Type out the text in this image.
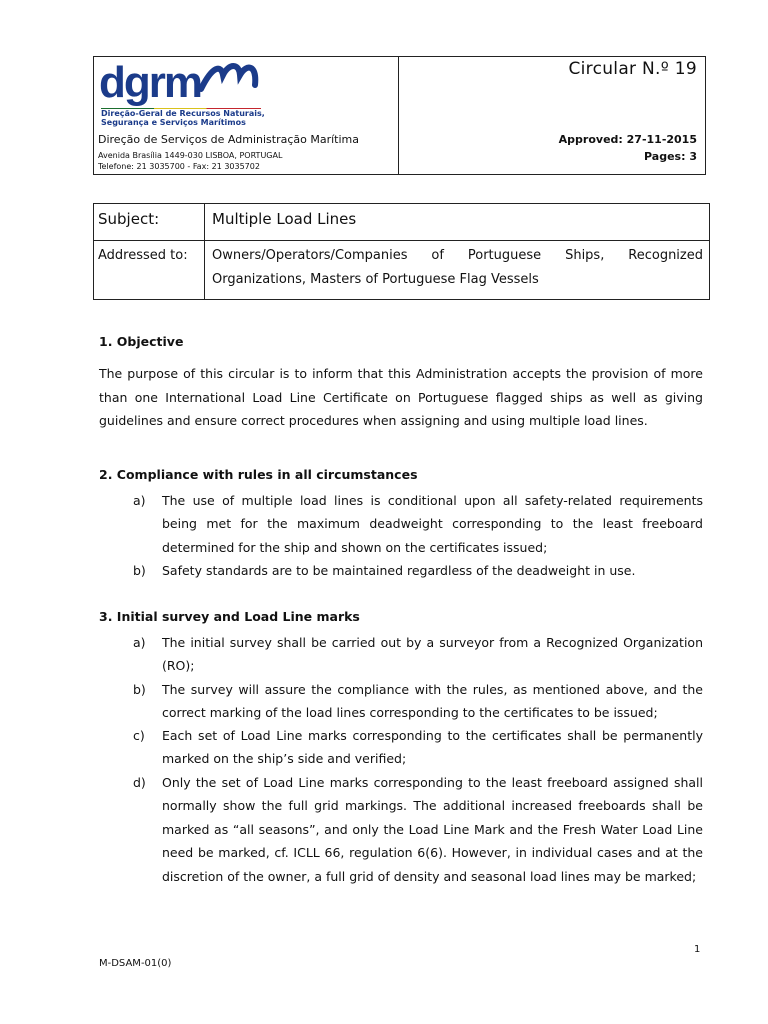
dgrm
Direção-Geral de Recursos Naturais,
Segurança e Serviços Marítimos
Direção de Serviços de Administração Marítima
Avenida Brasília 1449-030 LISBOA, PORTUGAL
Telefone: 21 3035700 - Fax: 21 3035702
Circular N.º 19
Approved: 27-11-2015
Pages: 3
Subject:	Multiple Load Lines
Addressed to: Owners/Operators/Companies of Portuguese Ships, Recognized Organizations, Masters of Portuguese Flag Vessels
1. Objective
The purpose of this circular is to inform that this Administration accepts the provision of more than one International Load Line Certificate on Portuguese flagged ships as well as giving guidelines and ensure correct procedures when assigning and using multiple load lines.
2. Compliance with rules in all circumstances
a)	The use of multiple load lines is conditional upon all safety-related requirements being met for the maximum deadweight corresponding to the least freeboard determined for the ship and shown on the certificates issued;
b)	Safety standards are to be maintained regardless of the deadweight in use.
3. Initial survey and Load Line marks
a)	The initial survey shall be carried out by a surveyor from a Recognized Organization (RO);
b)	The survey will assure the compliance with the rules, as mentioned above, and the correct marking of the load lines corresponding to the certificates to be issued;
c)	Each set of Load Line marks corresponding to the certificates shall be permanently marked on the ship’s side and verified;
d)	Only the set of Load Line marks corresponding to the least freeboard assigned shall normally show the full grid markings. The additional increased freeboards shall be marked as “all seasons”, and only the Load Line Mark and the Fresh Water Load Line need be marked, cf. ICLL 66, regulation 6(6). However, in individual cases and at the discretion of the owner, a full grid of density and seasonal load lines may be marked;
1
M-DSAM-01(0)
